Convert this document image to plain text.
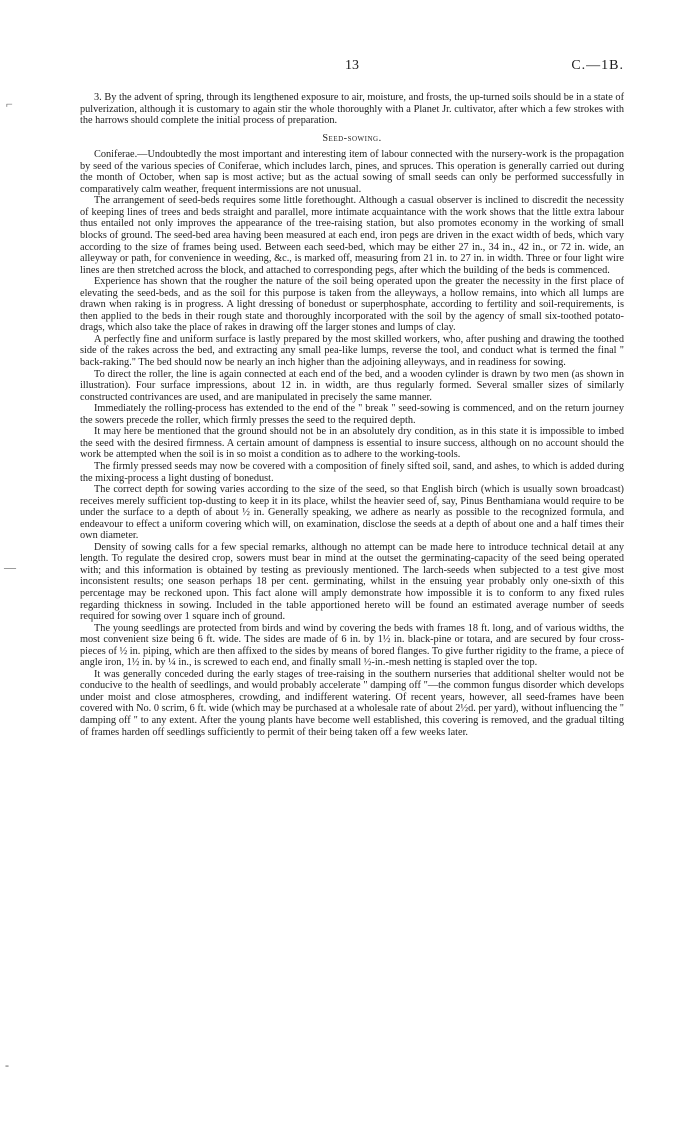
13	C.—1B.
⌐
—
-

3. By the advent of spring, through its lengthened exposure to air, moisture, and frosts, the up-turned soils should be in a state of pulverization, although it is customary to again stir the whole thoroughly with a Planet Jr. cultivator, after which a few strokes with the harrows should complete the initial process of preparation.

Seed-sowing.

Coniferae.—Undoubtedly the most important and interesting item of labour connected with the nursery-work is the propagation by seed of the various species of Coniferae, which includes larch, pines, and spruces. This operation is generally carried out during the month of October, when sap is most active; but as the actual sowing of small seeds can only be performed successfully in comparatively calm weather, frequent intermissions are not unusual.

The arrangement of seed-beds requires some little forethought. Although a casual observer is inclined to discredit the necessity of keeping lines of trees and beds straight and parallel, more intimate acquaintance with the work shows that the little extra labour thus entailed not only improves the appearance of the tree-raising station, but also promotes economy in the working of small blocks of ground. The seed-bed area having been measured at each end, iron pegs are driven in the exact width of beds, which vary according to the size of frames being used. Between each seed-bed, which may be either 27 in., 34 in., 42 in., or 72 in. wide, an alleyway or path, for convenience in weeding, &c., is marked off, measuring from 21 in. to 27 in. in width. Three or four light wire lines are then stretched across the block, and attached to corresponding pegs, after which the building of the beds is commenced.

Experience has shown that the rougher the nature of the soil being operated upon the greater the necessity in the first place of elevating the seed-beds, and as the soil for this purpose is taken from the alleyways, a hollow remains, into which all lumps are drawn when raking is in progress. A light dressing of bonedust or superphosphate, according to fertility and soil-requirements, is then applied to the beds in their rough state and thoroughly incorporated with the soil by the agency of small six-toothed potato-drags, which also take the place of rakes in drawing off the larger stones and lumps of clay.

A perfectly fine and uniform surface is lastly prepared by the most skilled workers, who, after pushing and drawing the toothed side of the rakes across the bed, and extracting any small pea-like lumps, reverse the tool, and conduct what is termed the final " back-raking." The bed should now be nearly an inch higher than the adjoining alleyways, and in readiness for sowing.

To direct the roller, the line is again connected at each end of the bed, and a wooden cylinder is drawn by two men (as shown in illustration). Four surface impressions, about 12 in. in width, are thus regularly formed. Several smaller sizes of similarly constructed contrivances are used, and are manipulated in precisely the same manner.

Immediately the rolling-process has extended to the end of the " break " seed-sowing is commenced, and on the return journey the sowers precede the roller, which firmly presses the seed to the required depth.

It may here be mentioned that the ground should not be in an absolutely dry condition, as in this state it is impossible to imbed the seed with the desired firmness. A certain amount of dampness is essential to insure success, although on no account should the work be attempted when the soil is in so moist a condition as to adhere to the working-tools.

The firmly pressed seeds may now be covered with a composition of finely sifted soil, sand, and ashes, to which is added during the mixing-process a light dusting of bonedust.

The correct depth for sowing varies according to the size of the seed, so that English birch (which is usually sown broadcast) receives merely sufficient top-dusting to keep it in its place, whilst the heavier seed of, say, Pinus Benthamiana would require to be under the surface to a depth of about ½ in. Generally speaking, we adhere as nearly as possible to the recognized formula, and endeavour to effect a uniform covering which will, on examination, disclose the seeds at a depth of about one and a half times their own diameter.

Density of sowing calls for a few special remarks, although no attempt can be made here to introduce technical detail at any length. To regulate the desired crop, sowers must bear in mind at the outset the germinating-capacity of the seed being operated with; and this information is obtained by testing as previously mentioned. The larch-seeds when subjected to a test give most inconsistent results; one season perhaps 18 per cent. germinating, whilst in the ensuing year probably only one-sixth of this percentage may be reckoned upon. This fact alone will amply demonstrate how impossible it is to conform to any fixed rules regarding thickness in sowing. Included in the table apportioned hereto will be found an estimated average number of seeds required for sowing over 1 square inch of ground.

The young seedlings are protected from birds and wind by covering the beds with frames 18 ft. long, and of various widths, the most convenient size being 6 ft. wide. The sides are made of 6 in. by 1½ in. black-pine or totara, and are secured by four cross-pieces of ½ in. piping, which are then affixed to the sides by means of bored flanges. To give further rigidity to the frame, a piece of angle iron, 1½ in. by ¼ in., is screwed to each end, and finally small ½-in.-mesh netting is stapled over the top.

It was generally conceded during the early stages of tree-raising in the southern nurseries that additional shelter would not be conducive to the health of seedlings, and would probably accelerate " damping off "—the common fungus disorder which develops under moist and close atmospheres, crowding, and indifferent watering. Of recent years, however, all seed-frames have been covered with No. 0 scrim, 6 ft. wide (which may be purchased at a wholesale rate of about 2½d. per yard), without influencing the " damping off " to any extent. After the young plants have become well established, this covering is removed, and the gradual tilting of frames harden off seedlings sufficiently to permit of their being taken off a few weeks later.
